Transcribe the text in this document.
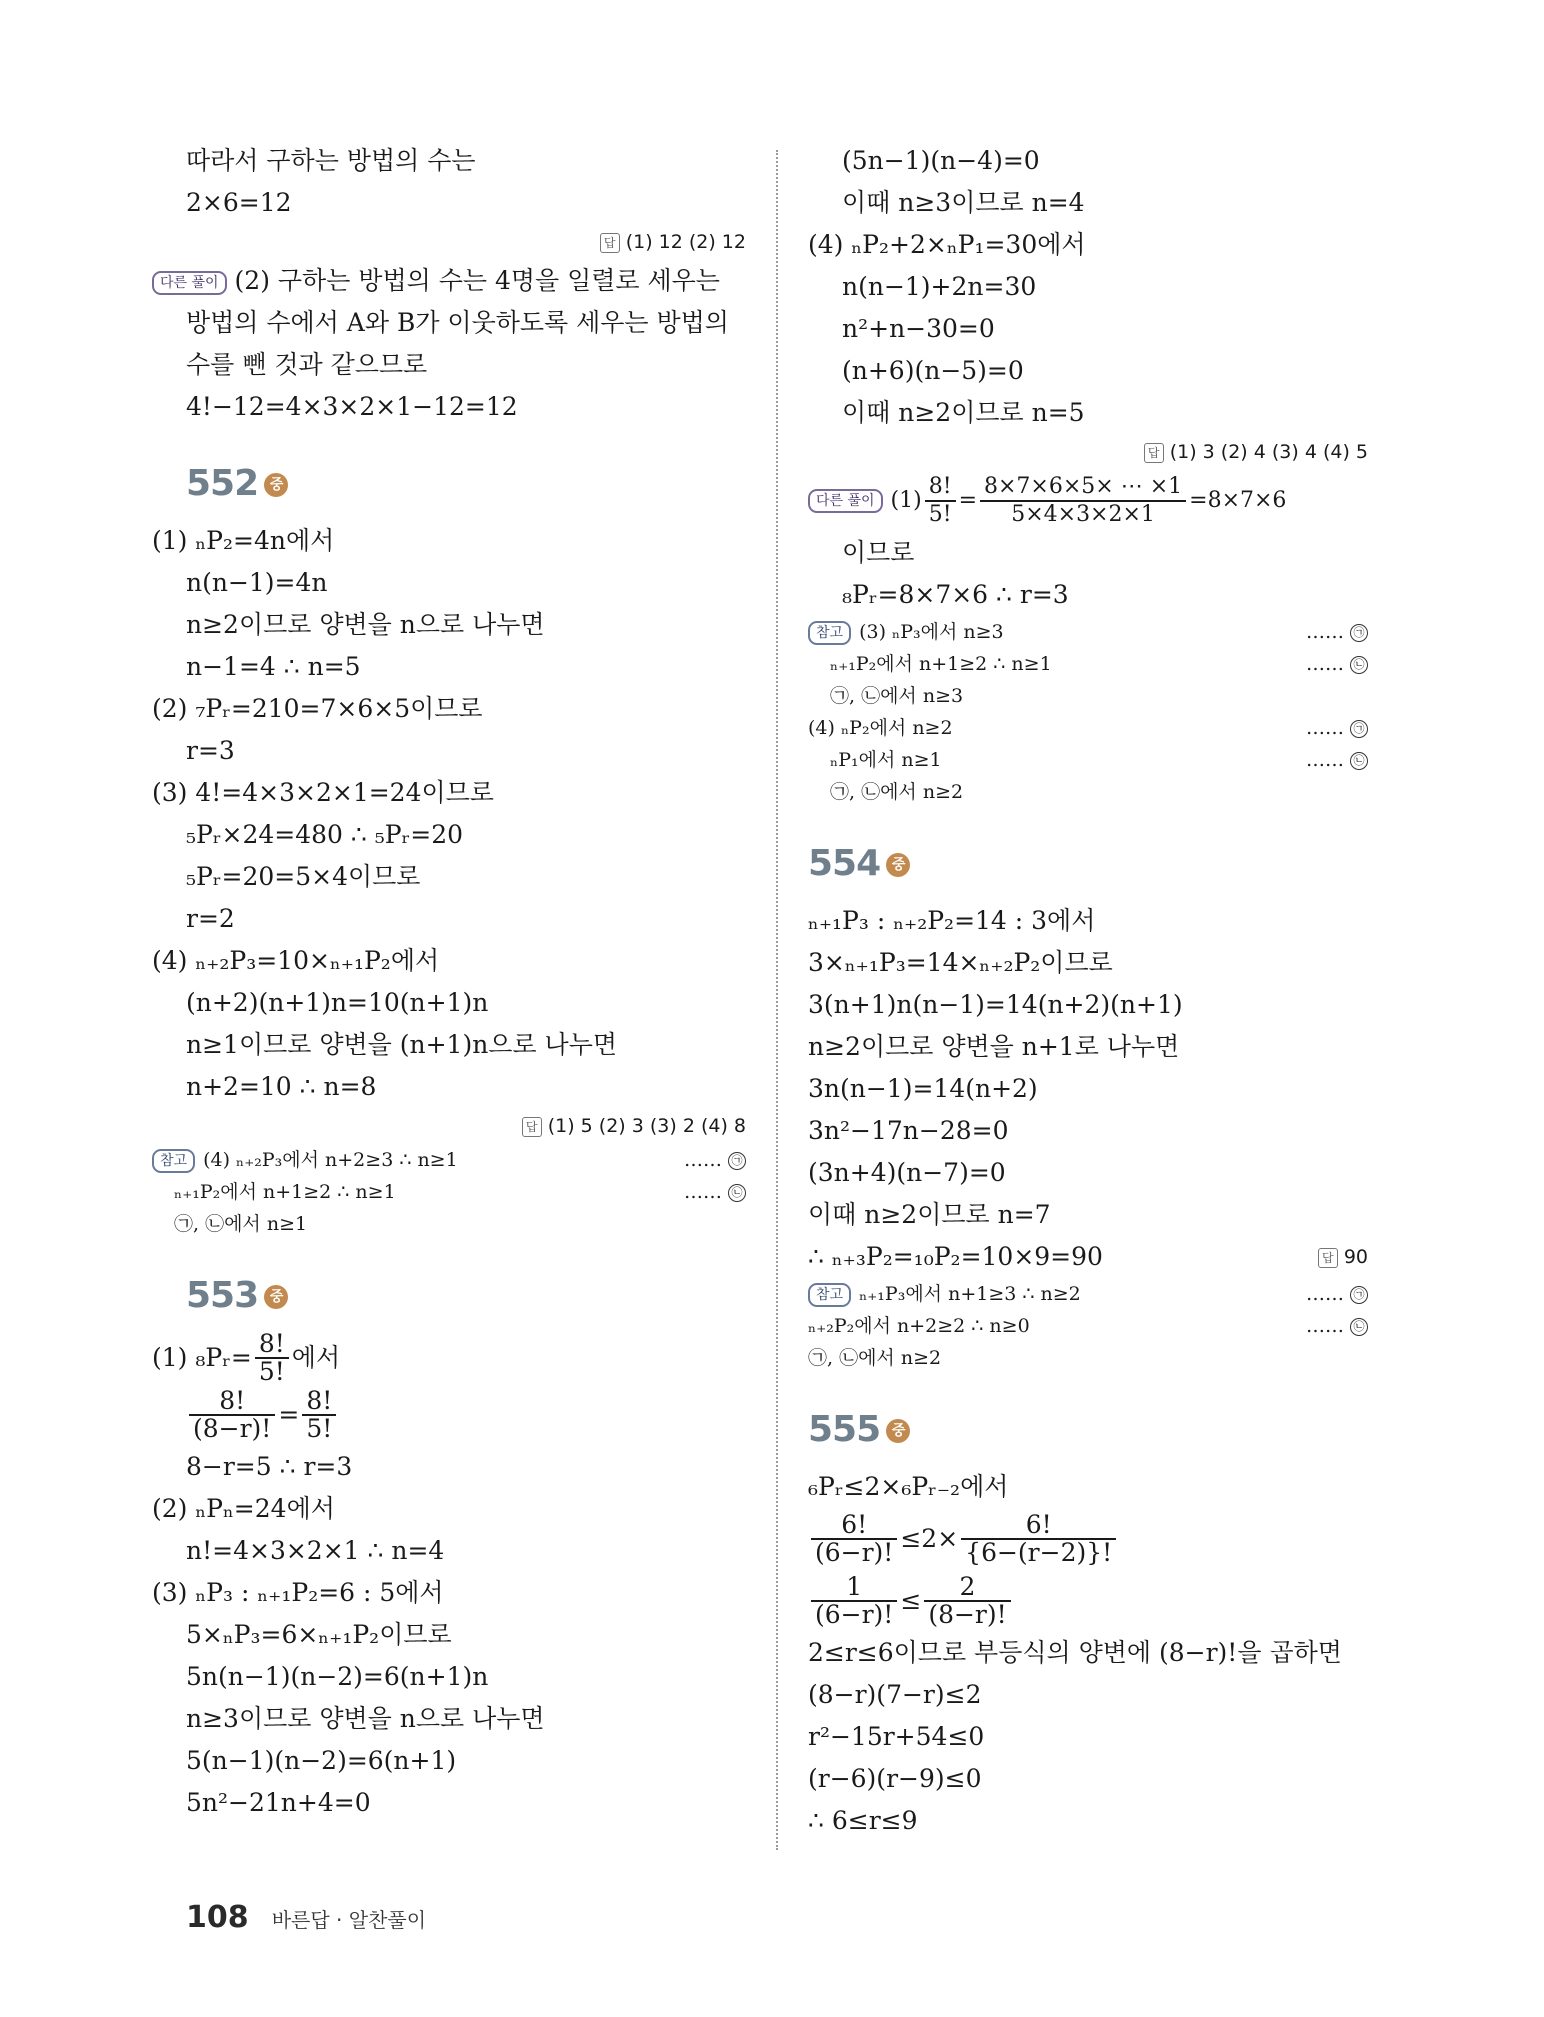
따라서 구하는 방법의 수는
2×6=12
답 (1) 12 (2) 12
다른 풀이 (2) 구하는 방법의 수는 4명을 일렬로 세우는
방법의 수에서 A와 B가 이웃하도록 세우는 방법의
수를 뺀 것과 같으므로
4!−12=4×3×2×1−12=12
552 중
(1) ₙP₂=4n에서
n(n−1)=4n
n≥2이므로 양변을 n으로 나누면
n−1=4 ∴ n=5
(2) ₇Pᵣ=210=7×6×5이므로
r=3
(3) 4!=4×3×2×1=24이므로
₅Pᵣ×24=480 ∴ ₅Pᵣ=20
₅Pᵣ=20=5×4이므로
r=2
(4) ₙ₊₂P₃=10×ₙ₊₁P₂에서
(n+2)(n+1)n=10(n+1)n
n≥1이므로 양변을 (n+1)n으로 나누면
n+2=10 ∴ n=8
답 (1) 5 (2) 3 (3) 2 (4) 8
참고 (4) ₙ₊₂P₃에서 n+2≥3 ∴ n≥1	…… ㉠
ₙ₊₁P₂에서 n+1≥2 ∴ n≥1	…… ㉡
㉠, ㉡에서 n≥1
553 중
(1) ₈Pᵣ= $\frac{8!}{5!}$ 에서
$\frac{8!}{(8-r)!} = \frac{8!}{5!}$
8−r=5 ∴ r=3
(2) ₙPₙ=24에서
n!=4×3×2×1 ∴ n=4
(3) ₙP₃ : ₙ₊₁P₂=6 : 5에서
5×ₙP₃=6×ₙ₊₁P₂이므로
5n(n−1)(n−2)=6(n+1)n
n≥3이므로 양변을 n으로 나누면
5(n−1)(n−2)=6(n+1)
5n²−21n+4=0
(5n−1)(n−4)=0
이때 n≥3이므로 n=4
(4) ₙP₂+2×ₙP₁=30에서
n(n−1)+2n=30
n²+n−30=0
(n+6)(n−5)=0
이때 n≥2이므로 n=5
답 (1) 3 (2) 4 (3) 4 (4) 5
다른 풀이 $(1) \frac{8!}{5!} = \frac{8\times 7\times 6\times 5\times \cdots \times 1}{5\times 4\times 3\times 2\times 1} =8\times 7\times 6$
이므로
₈Pᵣ=8×7×6 ∴ r=3
참고 (3) ₙP₃에서 n≥3	…… ㉠
ₙ₊₁P₂에서 n+1≥2 ∴ n≥1	…… ㉡
㉠, ㉡에서 n≥3
(4) ₙP₂에서 n≥2	…… ㉠
ₙP₁에서 n≥1	…… ㉡
㉠, ㉡에서 n≥2
554 중
ₙ₊₁P₃ : ₙ₊₂P₂=14 : 3에서
3×ₙ₊₁P₃=14×ₙ₊₂P₂이므로
3(n+1)n(n−1)=14(n+2)(n+1)
n≥2이므로 양변을 n+1로 나누면
3n(n−1)=14(n+2)
3n²−17n−28=0
(3n+4)(n−7)=0
이때 n≥2이므로 n=7
∴ ₙ₊₃P₂=₁₀P₂=10×9=90	답 90
참고 ₙ₊₁P₃에서 n+1≥3 ∴ n≥2	…… ㉠
ₙ₊₂P₂에서 n+2≥2 ∴ n≥0	…… ㉡
㉠, ㉡에서 n≥2
555 중
₆Pᵣ≤2×₆Pᵣ₋₂에서
$\frac{6!}{(6-r)!} \le 2\times \frac{6!}{\{6-(r-2)\}!}$
$\frac{1}{(6-r)!} \le \frac{2}{(8-r)!}$
2≤r≤6이므로 부등식의 양변에 (8−r)!을 곱하면
(8−r)(7−r)≤2
r²−15r+54≤0
(r−6)(r−9)≤0
∴ 6≤r≤9
108 바른답 · 알찬풀이
